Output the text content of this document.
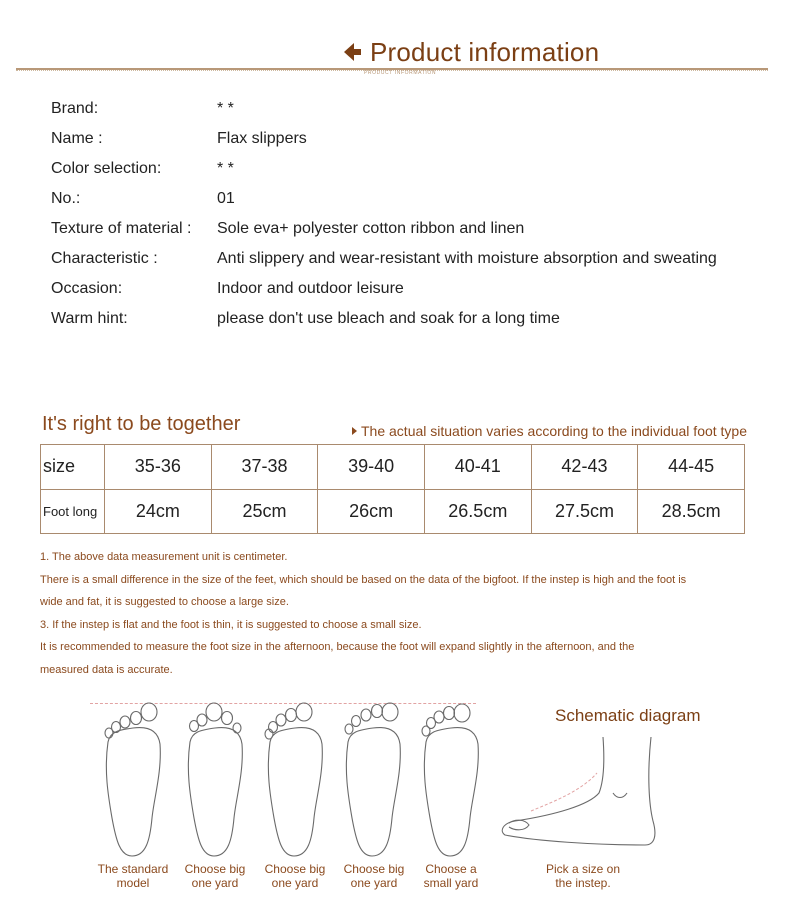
Product information
PRODUCT INFORMATION
Brand:	* *
Name :	Flax slippers
Color selection:	* *
No.:	01
Texture of material :	Sole eva+ polyester cotton ribbon and linen
Characteristic :	Anti slippery and wear-resistant with moisture absorption and sweating
Occasion:	Indoor and outdoor leisure
Warm hint:	please don't use bleach and soak for a long time
It's right to be together	The actual situation varies according to the individual foot type
size	35-36	37-38	39-40	40-41	42-43	44-45
Foot long	24cm	25cm	26cm	26.5cm	27.5cm	28.5cm
1. The above data measurement unit is centimeter.
There is a small difference in the size of the feet, which should be based on the data of the bigfoot. If the instep is high and the foot is
wide and fat, it is suggested to choose a large size.
3. If the instep is flat and the foot is thin, it is suggested to choose a small size.
It is recommended to measure the foot size in the afternoon, because the foot will expand slightly in the afternoon, and the
measured data is accurate.
The standard
model
Choose big
one yard
Choose big
one yard
Choose big
one yard
Choose a
small yard
Schematic diagram
Pick a size on
the instep.
